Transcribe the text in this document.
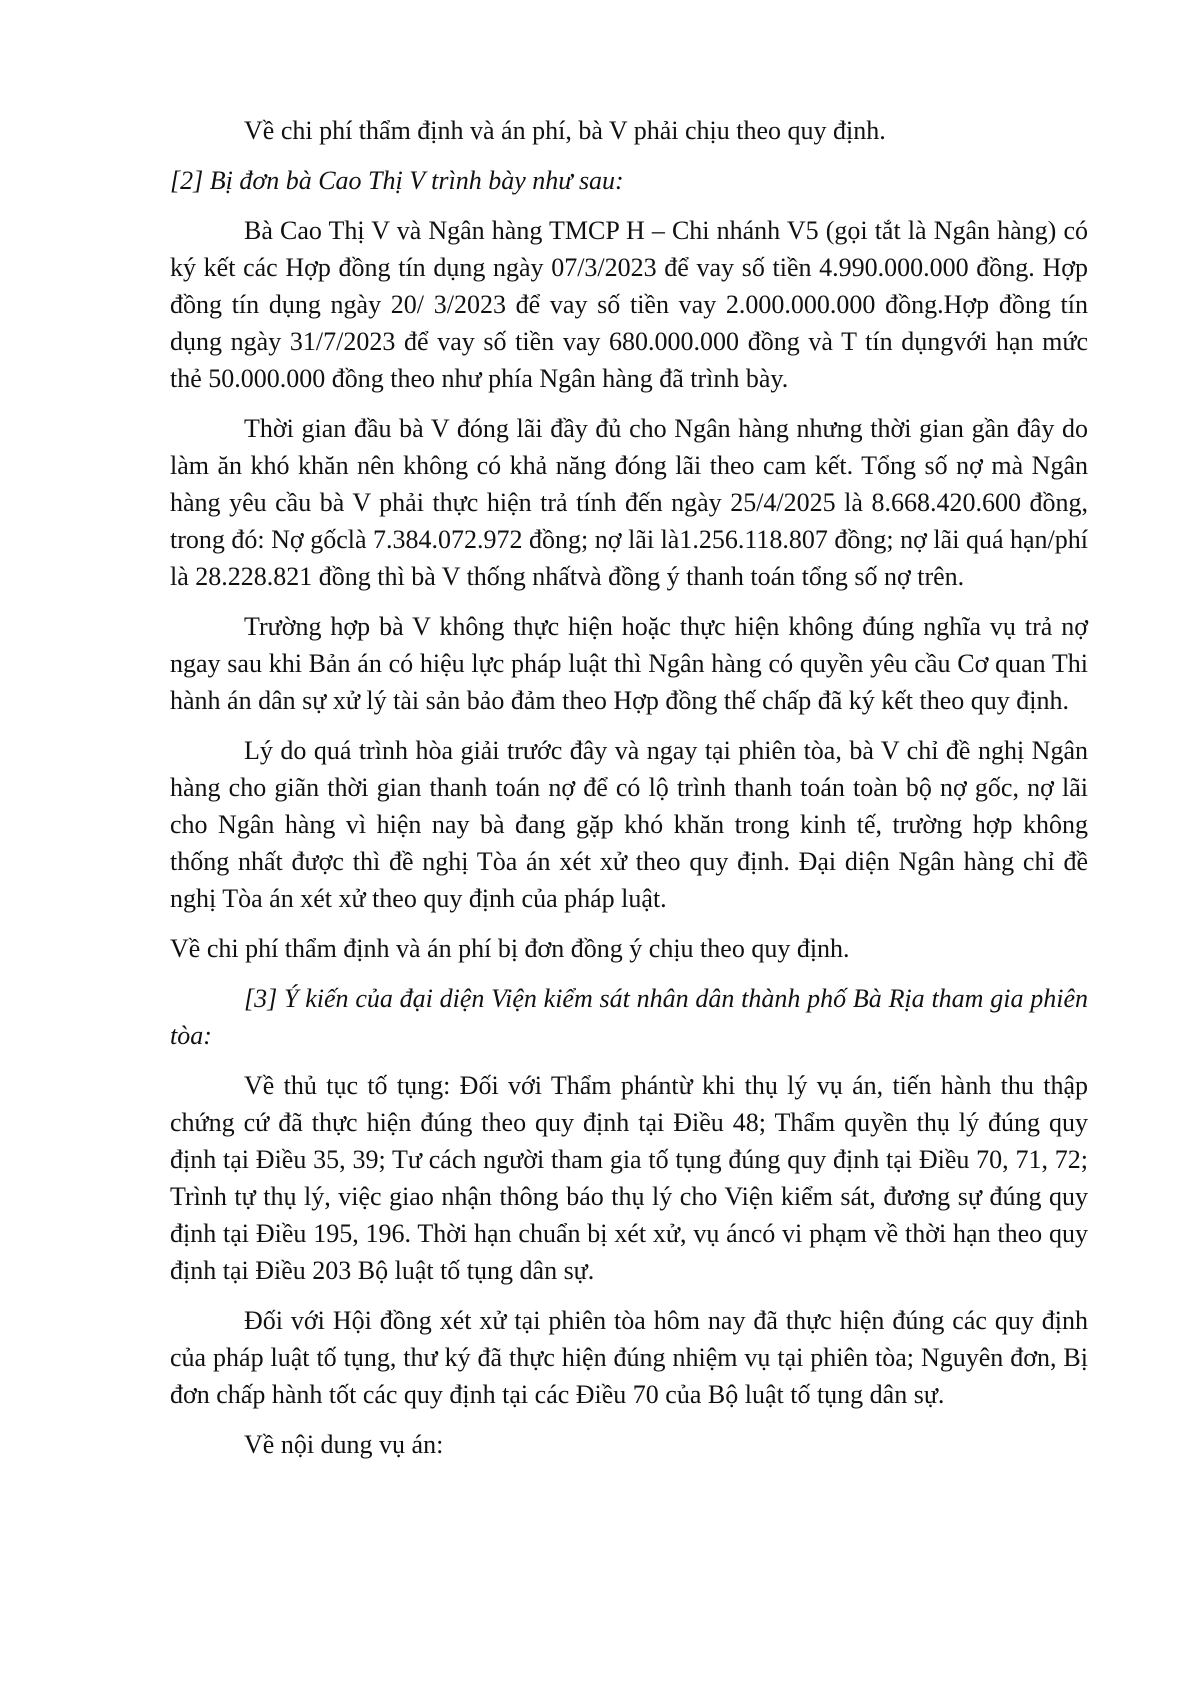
Về chi phí thẩm định và án phí, bà V phải chịu theo quy định.

[2] Bị đơn bà Cao Thị V trình bày như sau:

Bà Cao Thị V và Ngân hàng TMCP H – Chi nhánh V5 (gọi tắt là Ngân hàng) có ký kết các Hợp đồng tín dụng ngày 07/3/2023 để vay số tiền 4.990.000.000 đồng. Hợp đồng tín dụng ngày 20/ 3/2023 để vay số tiền vay 2.000.000.000 đồng.Hợp đồng tín dụng ngày 31/7/2023 để vay số tiền vay 680.000.000 đồng và T tín dụngvới hạn mức thẻ 50.000.000 đồng theo như phía Ngân hàng đã trình bày.

Thời gian đầu bà V đóng lãi đầy đủ cho Ngân hàng nhưng thời gian gần đây do làm ăn khó khăn nên không có khả năng đóng lãi theo cam kết. Tổng số nợ mà Ngân hàng yêu cầu bà V phải thực hiện trả tính đến ngày 25/4/2025 là 8.668.420.600 đồng, trong đó: Nợ gốclà 7.384.072.972 đồng; nợ lãi là1.256.118.807 đồng; nợ lãi quá hạn/phí là 28.228.821 đồng thì bà V thống nhấtvà đồng ý thanh toán tổng số nợ trên.

Trường hợp bà V không thực hiện hoặc thực hiện không đúng nghĩa vụ trả nợ ngay sau khi Bản án có hiệu lực pháp luật thì Ngân hàng có quyền yêu cầu Cơ quan Thi hành án dân sự xử lý tài sản bảo đảm theo Hợp đồng thế chấp đã ký kết theo quy định.

Lý do quá trình hòa giải trước đây và ngay tại phiên tòa, bà V chỉ đề nghị Ngân hàng cho giãn thời gian thanh toán nợ để có lộ trình thanh toán toàn bộ nợ gốc, nợ lãi cho Ngân hàng vì hiện nay bà đang gặp khó khăn trong kinh tế, trường hợp không thống nhất được thì đề nghị Tòa án xét xử theo quy định. Đại diện Ngân hàng chỉ đề nghị Tòa án xét xử theo quy định của pháp luật.

Về chi phí thẩm định và án phí bị đơn đồng ý chịu theo quy định.

[3] Ý kiến của đại diện Viện kiểm sát nhân dân thành phố Bà Rịa tham gia phiên tòa:

Về thủ tục tố tụng: Đối với Thẩm phántừ khi thụ lý vụ án, tiến hành thu thập chứng cứ đã thực hiện đúng theo quy định tại Điều 48; Thẩm quyền thụ lý đúng quy định tại Điều 35, 39; Tư cách người tham gia tố tụng đúng quy định tại Điều 70, 71, 72; Trình tự thụ lý, việc giao nhận thông báo thụ lý cho Viện kiểm sát, đương sự đúng quy định tại Điều 195, 196. Thời hạn chuẩn bị xét xử, vụ áncó vi phạm về thời hạn theo quy định tại Điều 203 Bộ luật tố tụng dân sự.

Đối với Hội đồng xét xử tại phiên tòa hôm nay đã thực hiện đúng các quy định của pháp luật tố tụng, thư ký đã thực hiện đúng nhiệm vụ tại phiên tòa; Nguyên đơn, Bị đơn chấp hành tốt các quy định tại các Điều 70 của Bộ luật tố tụng dân sự.

Về nội dung vụ án:
